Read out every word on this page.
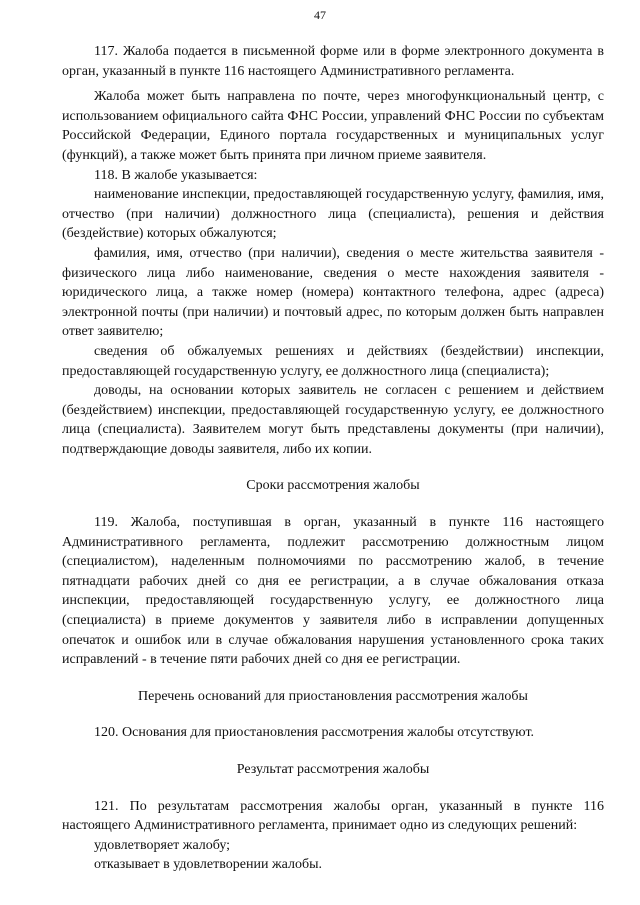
47

117. Жалоба подается в письменной форме или в форме электронного документа в орган, указанный в пункте 116 настоящего Административного регламента.

Жалоба может быть направлена по почте, через многофункциональный центр, с использованием официального сайта ФНС России, управлений ФНС России по субъектам Российской Федерации, Единого портала государственных и муниципальных услуг (функций), а также может быть принята при личном приеме заявителя.

118. В жалобе указывается:

наименование инспекции, предоставляющей государственную услугу, фамилия, имя, отчество (при наличии) должностного лица (специалиста), решения и действия (бездействие) которых обжалуются;

фамилия, имя, отчество (при наличии), сведения о месте жительства заявителя - физического лица либо наименование, сведения о месте нахождения заявителя - юридического лица, а также номер (номера) контактного телефона, адрес (адреса) электронной почты (при наличии) и почтовый адрес, по которым должен быть направлен ответ заявителю;

сведения об обжалуемых решениях и действиях (бездействии) инспекции, предоставляющей государственную услугу, ее должностного лица (специалиста);

доводы, на основании которых заявитель не согласен с решением и действием (бездействием) инспекции, предоставляющей государственную услугу, ее должностного лица (специалиста). Заявителем могут быть представлены документы (при наличии), подтверждающие доводы заявителя, либо их копии.

Сроки рассмотрения жалобы

119. Жалоба, поступившая в орган, указанный в пункте 116 настоящего Административного регламента, подлежит рассмотрению должностным лицом (специалистом), наделенным полномочиями по рассмотрению жалоб, в течение пятнадцати рабочих дней со дня ее регистрации, а в случае обжалования отказа инспекции, предоставляющей государственную услугу, ее должностного лица (специалиста) в приеме документов у заявителя либо в исправлении допущенных опечаток и ошибок или в случае обжалования нарушения установленного срока таких исправлений - в течение пяти рабочих дней со дня ее регистрации.

Перечень оснований для приостановления рассмотрения жалобы

120. Основания для приостановления рассмотрения жалобы отсутствуют.

Результат рассмотрения жалобы

121. По результатам рассмотрения жалобы орган, указанный в пункте 116 настоящего Административного регламента, принимает одно из следующих решений:

удовлетворяет жалобу;

отказывает в удовлетворении жалобы.
